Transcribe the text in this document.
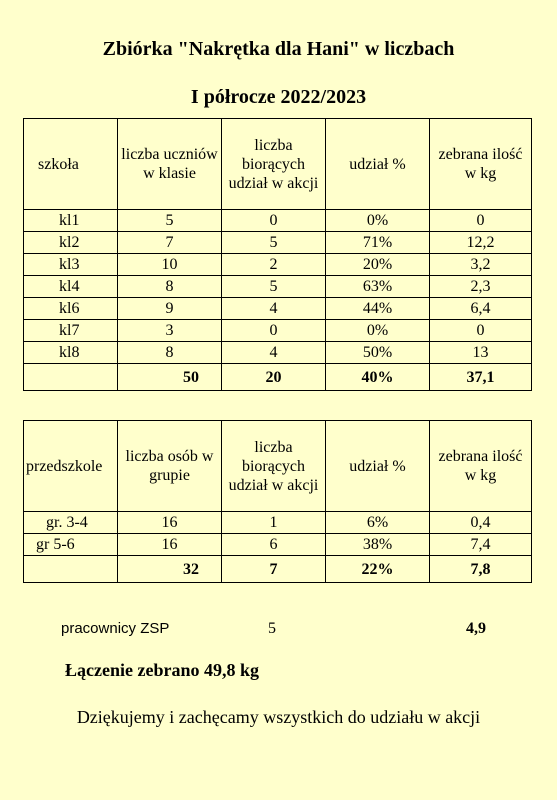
Zbiórka "Nakrętka dla Hani" w liczbach
I półrocze 2022/2023
szkoła	liczba uczniów w klasie	liczba biorących udział w akcji	udział %	zebrana ilość w kg
kl1	5	0	0%	0
kl2	7	5	71%	12,2
kl3	10	2	20%	3,2
kl4	8	5	63%	2,3
kl6	9	4	44%	6,4
kl7	3	0	0%	0
kl8	8	4	50%	13
	50	20	40%	37,1
przedszkole	liczba osób w grupie	liczba biorących udział w akcji	udział %	zebrana ilość w kg
gr. 3-4	16	1	6%	0,4
gr 5-6	16	6	38%	7,4
	32	7	22%	7,8
pracownicy ZSP	5	4,9
Łączenie zebrano 49,8 kg
Dziękujemy i zachęcamy wszystkich do udziału w akcji
